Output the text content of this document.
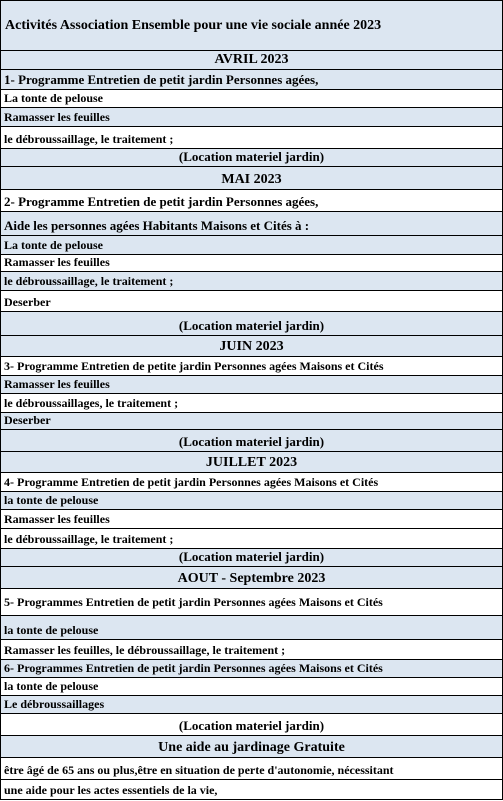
Activités Association Ensemble pour une vie sociale année 2023
AVRIL 2023
1- Programme Entretien de petit jardin Personnes agées,
La tonte de pelouse
Ramasser les feuilles
le débroussaillage, le traitement ;
(Location materiel jardin)
MAI 2023
2- Programme Entretien de petit jardin Personnes agées,
Aide les personnes agées Habitants Maisons et Cités à :
La tonte de pelouse
Ramasser les feuilles
le débroussaillage, le traitement ;
Deserber
(Location materiel jardin)
JUIN 2023
3- Programme Entretien de petite jardin Personnes agées Maisons et Cités
Ramasser les feuilles
le débroussaillages, le traitement ;
Deserber
(Location materiel jardin)
JUILLET 2023
4- Programme Entretien de petit jardin Personnes agées Maisons et Cités
la tonte de pelouse
Ramasser les feuilles
le débroussaillage, le traitement ;
(Location materiel jardin)
AOUT - Septembre 2023
5- Programmes Entretien de petit jardin Personnes agées Maisons et Cités
la tonte de pelouse
Ramasser les feuilles, le débroussaillage, le traitement ;
6- Programmes Entretien de petit jardin Personnes agées Maisons et Cités
la tonte de pelouse
Le débroussaillages
(Location materiel jardin)
Une aide au jardinage Gratuite
être âgé de 65 ans ou plus,être en situation de perte d'autonomie, nécessitant
une aide pour les actes essentiels de la vie,
